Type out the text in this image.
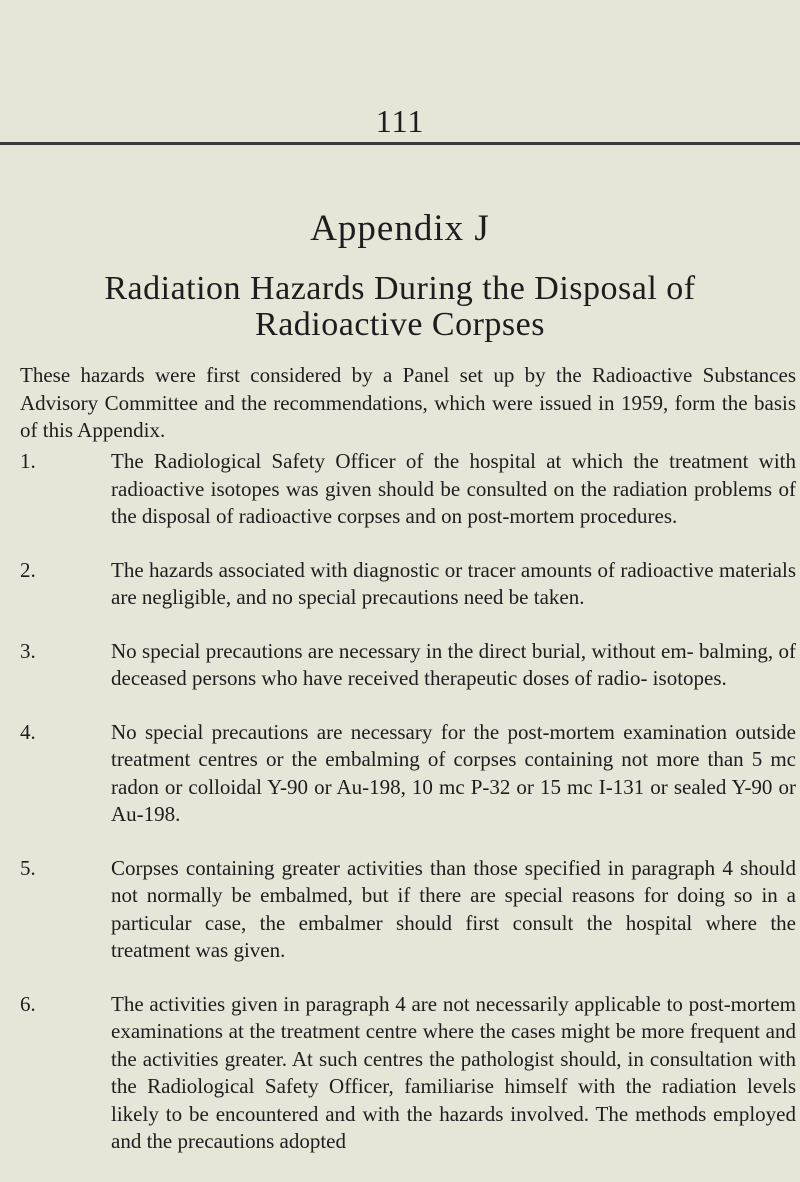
111
Appendix J
Radiation Hazards During the Disposal of
Radioactive Corpses

These hazards were first considered by a Panel set up by the Radioactive Substances Advisory Committee and the recommendations, which were issued in 1959, form the basis of this Appendix.

1.	The Radiological Safety Officer of the hospital at which the treatment with radioactive isotopes was given should be consulted on the radiation problems of the disposal of radioactive corpses and on post-mortem procedures.
2.	The hazards associated with diagnostic or tracer amounts of radioactive materials are negligible, and no special precautions need be taken.
3.	No special precautions are necessary in the direct burial, without em- balming, of deceased persons who have received therapeutic doses of radio- isotopes.
4.	No special precautions are necessary for the post-mortem examination outside treatment centres or the embalming of corpses containing not more than 5 mc radon or colloidal Y-90 or Au-198, 10 mc P-32 or 15 mc I-131 or sealed Y-90 or Au-198.
5.	Corpses containing greater activities than those specified in paragraph 4 should not normally be embalmed, but if there are special reasons for doing so in a particular case, the embalmer should first consult the hospital where the treatment was given.
6.	The activities given in paragraph 4 are not necessarily applicable to post-mortem examinations at the treatment centre where the cases might be more frequent and the activities greater. At such centres the pathologist should, in consultation with the Radiological Safety Officer, familiarise himself with the radiation levels likely to be encountered and with the hazards involved. The methods employed and the precautions adopted
